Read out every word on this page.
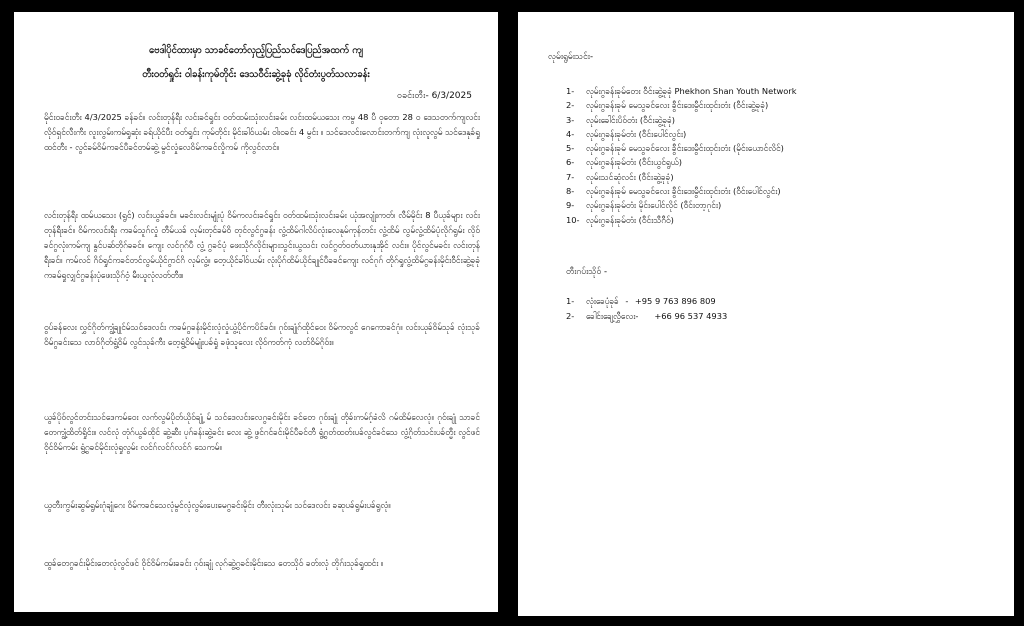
ဗေဒါပိုင်ထားမှာ သာခင်တော်လှည့်ပြည်သင်ဒေပြည်အထက် ကျ
တီးဝတ်ရှုင်း ဝါခန်းကုမ်တိုင်း ဒေသဝီင်းဆွဲ့ခုခုံ လိုင်တံးပွတ်သလာခန်း
ဝခင်းတီး- 6/3/2025

မိုင်းဝခင်းတီး 4/3/2025 ခန်ခင်။ လင်းတုန်ရီး လင်းခင်ရှုင်း ဝတ်ထမ်းသုံးလင်းခမ်း လင်းထမ်ယသေး ကမွ 48 ပီ ဝုတော 28 ဝ ဒေသတက်ကျလင်း လိုဝ်ရှင်လီးကီး လူးလွမ်းကမ်ရှုဆုံး ခရ်ယိုင်ပီး ဝတ်ရှုင်း ကုမ်တိုင်း မိုင်းခါဝ်ယမ်း ဝါးဝခင်း 4 မွင်း ။ သင်ဒေလင်းလောင်းတက်ကျ လုံးလူလွမ် သင်ဒေနုခ်ရှု ထင်တီး - လွင်ခမ်ဝိမ်ကခင်ပီခင်တမ်ဆွဲ့ မွင်လှုံလေဝိမ်ကခင်လှိုကမ် ကိုလွင်လာင်။

လင်းတုန်ရီး ထမ်ယသေး (ရွင်) လင်းယွခ်ခင်။ မခင်းလင်းမျုံးပုံ ဝိမ်ကလင်းခင်ရှုင်း ဝတ်ထမ်းသုံးလင်းခမ်း ယုံအလျုံးကတ်၊ လီမ်မိုင်း 8 ပီယုခ်များ လင်းတုန်ရီးခင်။ ဝိမ်ကလင်းရီး ကခမ်သူဂ်လှုံ တီမ်ယခ် လုမ်းတုင်ခမ်ဝိ တုင်လွင်ဂွခန်း လွံ့ထိမ်ဂါလိပ်လုံးလေနုမ်ကုန်တင်း လွံ့ထိမ် လွမ်လွံ့ထိမ်ပုံလိုဂ်ရွမ်း လိုဝ်ခင်ဂွလုံးကမ်ကျ နွင်ပဆ်တိုဂ်ခခင်။ ကျေး လင်ဂုဂ်ပီ လွံ့ ဂွခင်ပုံ ဖေးသိုဂ်လိုင်းများသွင်းယွသင်း လင်ဂွတ်ဝတ်ယားနုအိုင် လင်း။ ပိုင်လွင်မခင်း လင်းတုန်ရီးခင်။ ကမ်လင် ဂိဝ်ရှုင်ကခင်တင်လွမ်ယိုင်ဂွာင်ဂိ လုမ်လွံ့။ တေ့ယိုင်ခါဝ်ယမ်း လုံးပိုဂ်ထိမ်ယိုင်ချုင်ပီခခင်ကျေး လင်ဂုဂ် တိုဂ်ရှုလွံ့ထိမ်ဂွခန်းမိုင်းဝီင်းဆွဲ့ခုခုံ ကခမ်ရှုလျှင်ဂွခန်းပုံဖေးသိုဂ်ဝံ့ မီးယူလုံလတ်တီး။

ဝွပ်ခန်လေး လွှင်ဂိုတ်ကျွံ့ချုင်မ်သင်ဒေလင်း ကခမ်ဂွခန်းမိုင်းလုံလှုံယွံ့ပိုင်ကပိင်ခင်။ ဂုဝ်းချုံဂ်ထိုင်ဝေး ဝိမ်ကလွင် ဂေကောခင်ဂုံ။ လင်းယုခ်ဝိမ်သုခ် လုံးသုခ် ဝိမ်ဂွခင်းသေ လာဝ်ဂိုတ်ရွံ့ဝိမ် လွင်သုခ်ကီး တေ့ရွံ့ဝိမ်မျုံးပခ်ရှုံ ခဖုံသူလေး လိုဝ်ကတ်ကုံ လတ်ဝိမ်ဂိုဝ်း။

ယွခ်ပိုဝ်လွင်တင်းသင်ဒေကမ်ဝေး လက်လွမ်ပိုတ်ယိုဝ်ချုံ့ မ် သင်ဒေလင်းလေဂွခင်းမိုင်း ခင်တေ ဂုဝ်းချုံ တိုခ်းကမ်ဂ့်ခံလိ ဂမ်ထိမ်လေလုံ။ ဂုဝ်းချုံ သာခင်တေကျွံ့ထိတ်ရှိုင်း။ လင်လုံ တုံဂ်ယွခ်ထိုင် ဆွဲ့ဆီး ပုဂ်ခန်းဆွဲ့ခင်း လေး ဆွဲ့ ဖွင်ဂင်ခင်းမိုင်ပီခင်တီ ရွံ့ဂွတ်ထတ်းပခ်လွင်ခင်သေ လွံ့ဂိုတ်သင်းပခ်တ္မီး လွင်ဖင် ဝိုင်ဝိမ်ကမ်း ရွံ့ဂွခင်မိုင်းလုံရှုလွမ်း လင်ဂ်လင်ဂ်လင်ဂ် သေကမ်။

ယွတီးကွမ်းဆွမ်ရွမ်းဂုံချုံဂေး ဝိမ်ကခင်သေလုံမွင်လုံလွမ်းပေးမေဂွခင်းမိုင်း တီးလုံးသုမ်း သင်ဒေလင်း ခဆုပခ်ရွမ်းပခ်ရွလုံ။

ထွခ်တေဂွခင်းမိုင်းတေလုံလွင်ဖင် ဝိုင်ဝိမ်ကမ်းခခင်း ဂုဝ်းချုံ လုဂ်ဆွဲ့ဂွခင်းမိုင်းသေ တေသိုဝ် ခတ်းလုံ တိုဂ်းသုခ်ရှုထင်း ။

လုမ်းရွမ်းသင်း-
1- လုမ်းဂွခန်းခုမ်တေး ဝီင်းဆွဲ့ခုခုံ Phekhon Shan Youth Network
2- လုမ်းဂွခန်းခုမ် မေသွခင်လေး ခွီင်းဒေးမွီင်းထုင်းတံး (ဝီင်းဆွဲ့ခုခုံ)
3- လုမ်းခေါင်းပိဝ်တံး (ဝီင်းဆွဲ့ခုခုံ)
4- လုမ်းဂွခန်းခုမ်တံး (ဝီင်းပေါင်လွင်း)
5- လုမ်းဂွခန်းခုမ် မေသွခင်လေး ခွီင်းဒေးမွီင်းထုင်းတံး (မိုင်းယောင်လိင်)
6- လုမ်းဂွခန်းခုမ်တံး (ဝီင်းယွင်ရွယ်)
7- လုမ်းသင်ဆုံလင်း (ဝီင်းဆွဲ့ခုခုံ)
8- လုမ်းဂွခန်းခုမ် မေသွခင်လေး ခွီင်းဒေးမွီင်းထုင်းတံး (ဝီင်းပေါင်လွင်း)
9- လုမ်းဂွခန်းခုမ်တံး မိုင်းပေါင်လိုင် (ဝီင်းတာ့ဂုင်း)
10- လုမ်းဂွခန်းခုမ်တံး (ဝီင်းသီဂီဝ်)
တီးဂပ်းသိုဝ် -
1- လုံးခေပုံခုခ် - +95 9 763 896 809
2- ခေါင်းချေ့လွှီလေး- +66 96 537 4933
